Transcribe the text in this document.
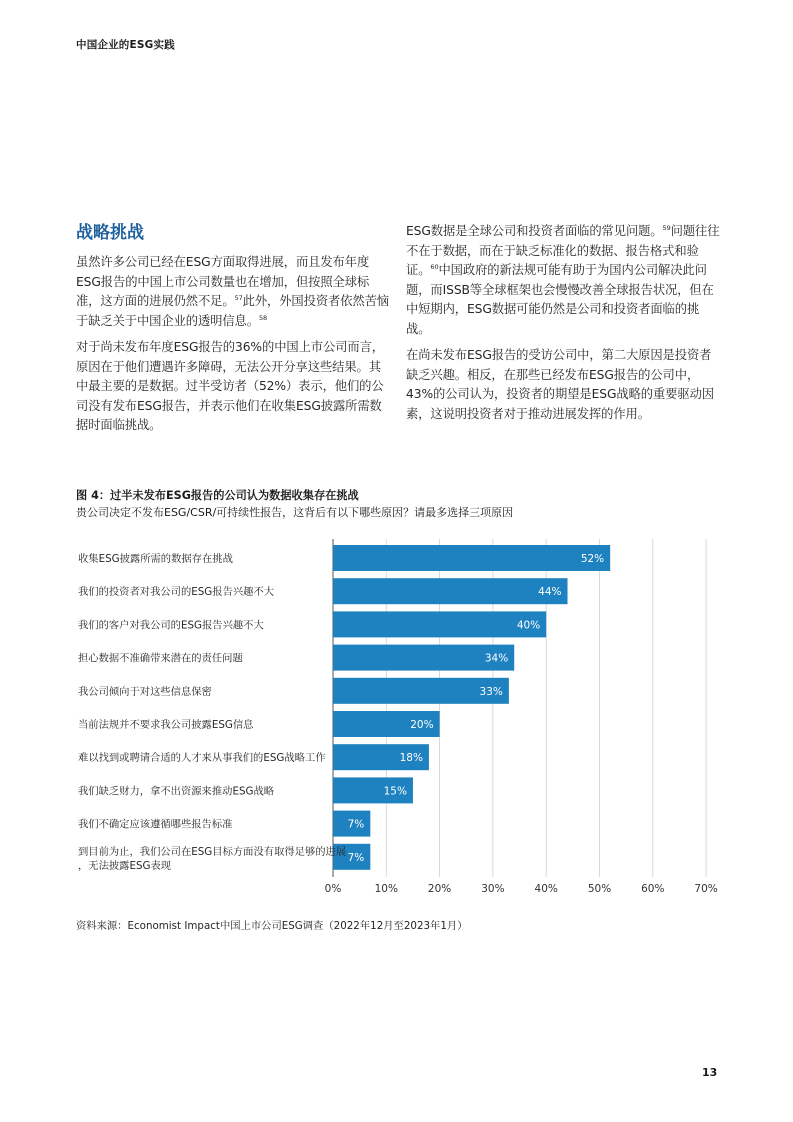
中国企业的ESG实践
战略挑战

虽然许多公司已经在ESG方面取得进展，而且发布年度ESG报告的中国上市公司数量也在增加，但按照全球标准，这方面的进展仍然不足。$^{57}$此外，外国投资者依然苦恼于缺乏关于中国企业的透明信息。$^{58}$

对于尚未发布年度ESG报告的36%的中国上市公司而言，原因在于他们遭遇许多障碍，无法公开分享这些结果。其中最主要的是数据。过半受访者（52%）表示，他们的公司没有发布ESG报告，并表示他们在收集ESG披露所需数据时面临挑战。

ESG数据是全球公司和投资者面临的常见问题。$^{59}$问题往往不在于数据，而在于缺乏标准化的数据、报告格式和验证。$^{60}$中国政府的新法规可能有助于为国内公司解决此问题，而ISSB等全球框架也会慢慢改善全球报告状况，但在中短期内，ESG数据可能仍然是公司和投资者面临的挑战。

在尚未发布ESG报告的受访公司中，第二大原因是投资者缺乏兴趣。相反，在那些已经发布ESG报告的公司中，43%的公司认为，投资者的期望是ESG战略的重要驱动因素，这说明投资者对于推动进展发挥的作用。

图 4：过半未发布ESG报告的公司认为数据收集存在挑战
贵公司决定不发布ESG/CSR/可持续性报告，这背后有以下哪些原因？请最多选择三项原因
0%	10%	20%	30%	40%	50%	60%	70%
52%
收集ESG披露所需的数据存在挑战
44%
我们的投资者对我公司的ESG报告兴趣不大
40%
我们的客户对我公司的ESG报告兴趣不大
34%
担心数据不准确带来潜在的责任问题
33%
我公司倾向于对这些信息保密
20%
当前法规并不要求我公司披露ESG信息
18%
难以找到或聘请合适的人才来从事我们的ESG战略工作
15%
我们缺乏财力，拿不出资源来推动ESG战略
7%
我们不确定应该遵循哪些报告标准
7%
到目前为止，我们公司在ESG目标方面没有取得足够的进展，无法披露ESG表现
资料来源：Economist Impact中国上市公司ESG调查（2022年12月至2023年1月）
13
